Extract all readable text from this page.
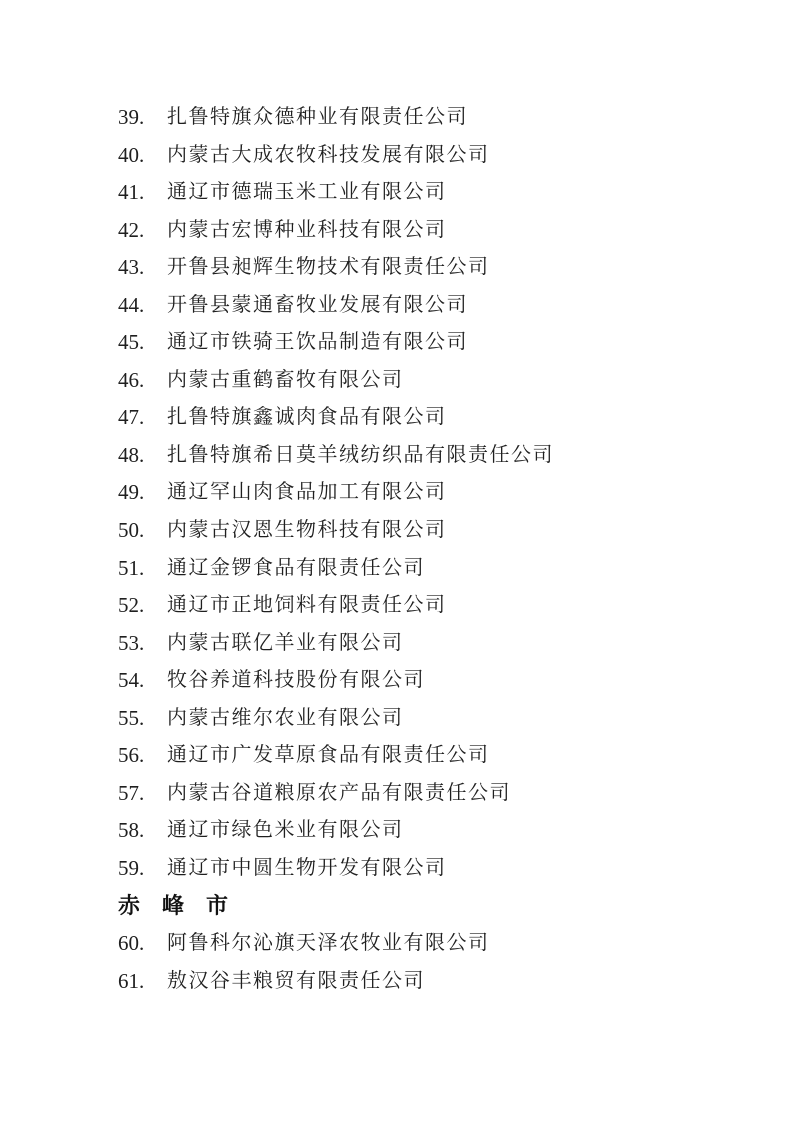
39.	扎鲁特旗众德种业有限责任公司
40.	内蒙古大成农牧科技发展有限公司
41.	通辽市德瑞玉米工业有限公司
42.	内蒙古宏博种业科技有限公司
43.	开鲁县昶辉生物技术有限责任公司
44.	开鲁县蒙通畜牧业发展有限公司
45.	通辽市铁骑王饮品制造有限公司
46.	内蒙古重鹤畜牧有限公司
47.	扎鲁特旗鑫诚肉食品有限公司
48.	扎鲁特旗希日莫羊绒纺织品有限责任公司
49.	通辽罕山肉食品加工有限公司
50.	内蒙古汉恩生物科技有限公司
51.	通辽金锣食品有限责任公司
52.	通辽市正地饲料有限责任公司
53.	内蒙古联亿羊业有限公司
54.	牧谷养道科技股份有限公司
55.	内蒙古维尔农业有限公司
56.	通辽市广发草原食品有限责任公司
57.	内蒙古谷道粮原农产品有限责任公司
58.	通辽市绿色米业有限公司
59.	通辽市中圆生物开发有限公司
赤峰市
60.	阿鲁科尔沁旗天泽农牧业有限公司
61.	敖汉谷丰粮贸有限责任公司
